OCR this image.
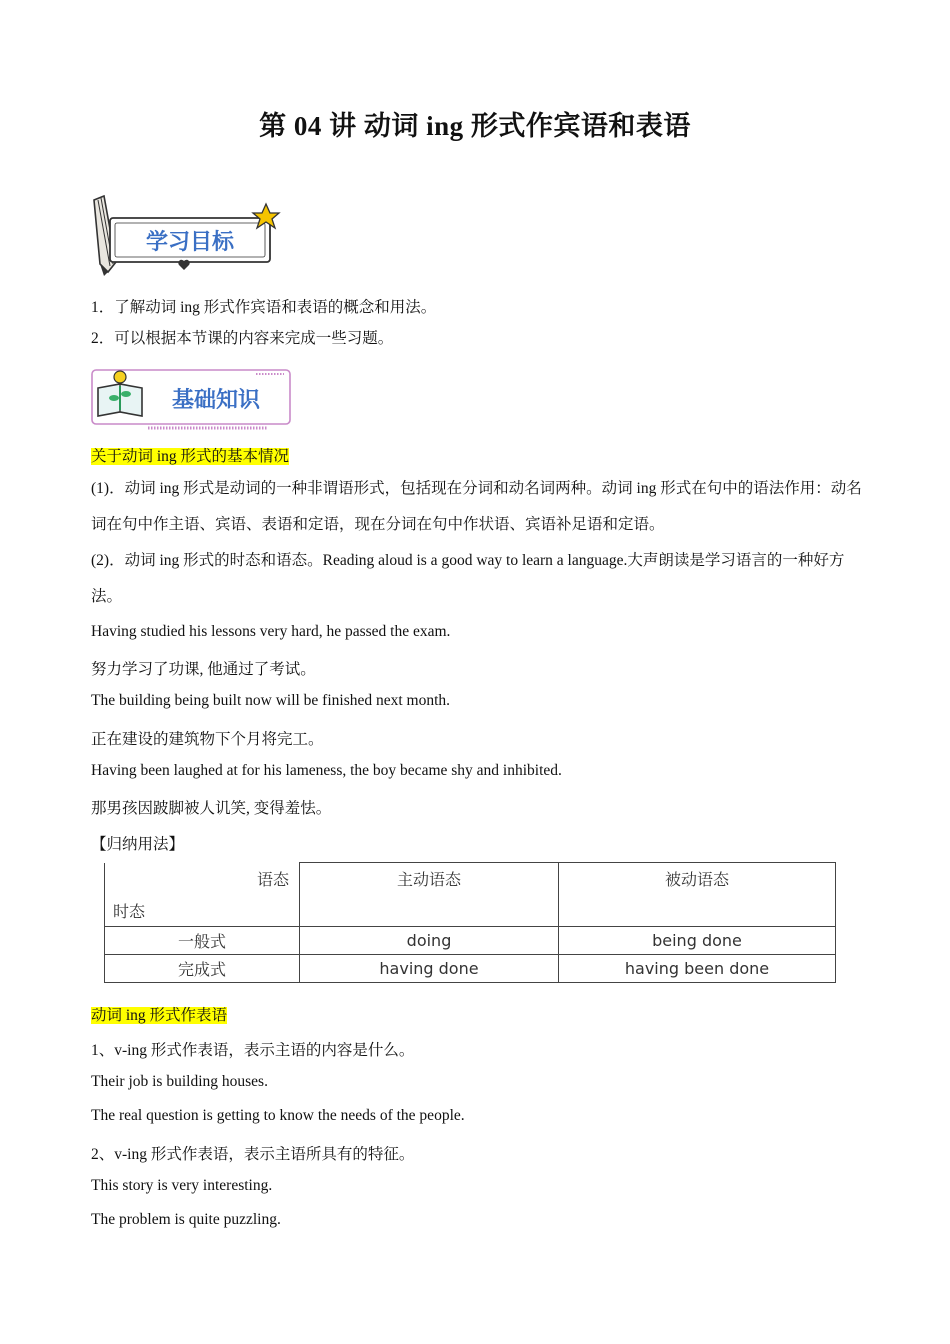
第 04 讲 动词 ing 形式作宾语和表语
学习目标
1．了解动词 ing 形式作宾语和表语的概念和用法。
2．可以根据本节课的内容来完成一些习题。
基础知识
关于动词 ing 形式的基本情况
(1)．动词 ing 形式是动词的一种非谓语形式，包括现在分词和动名词两种。动词 ing 形式在句中的语法作用：动名词在句中作主语、宾语、表语和定语，现在分词在句中作状语、宾语补足语和定语。
(2)．动词 ing 形式的时态和语态。Reading aloud is a good way to learn a language.大声朗读是学习语言的一种好方法。
Having studied his lessons very hard, he passed the exam.
努力学习了功课, 他通过了考试。
The building being built now will be finished next month.
正在建设的建筑物下个月将完工。
Having been laughed at for his lameness, the boy became shy and inhibited.
那男孩因跛脚被人讥笑, 变得羞怯。
【归纳用法】
语态
时态	主动语态	被动语态
一般式	doing	being done
完成式	having done	having been done
动词 ing 形式作表语
1、v-ing 形式作表语，表示主语的内容是什么。
Their job is building houses.
The real question is getting to know the needs of the people.
2、v-ing 形式作表语，表示主语所具有的特征。
This story is very interesting.
The problem is quite puzzling.
